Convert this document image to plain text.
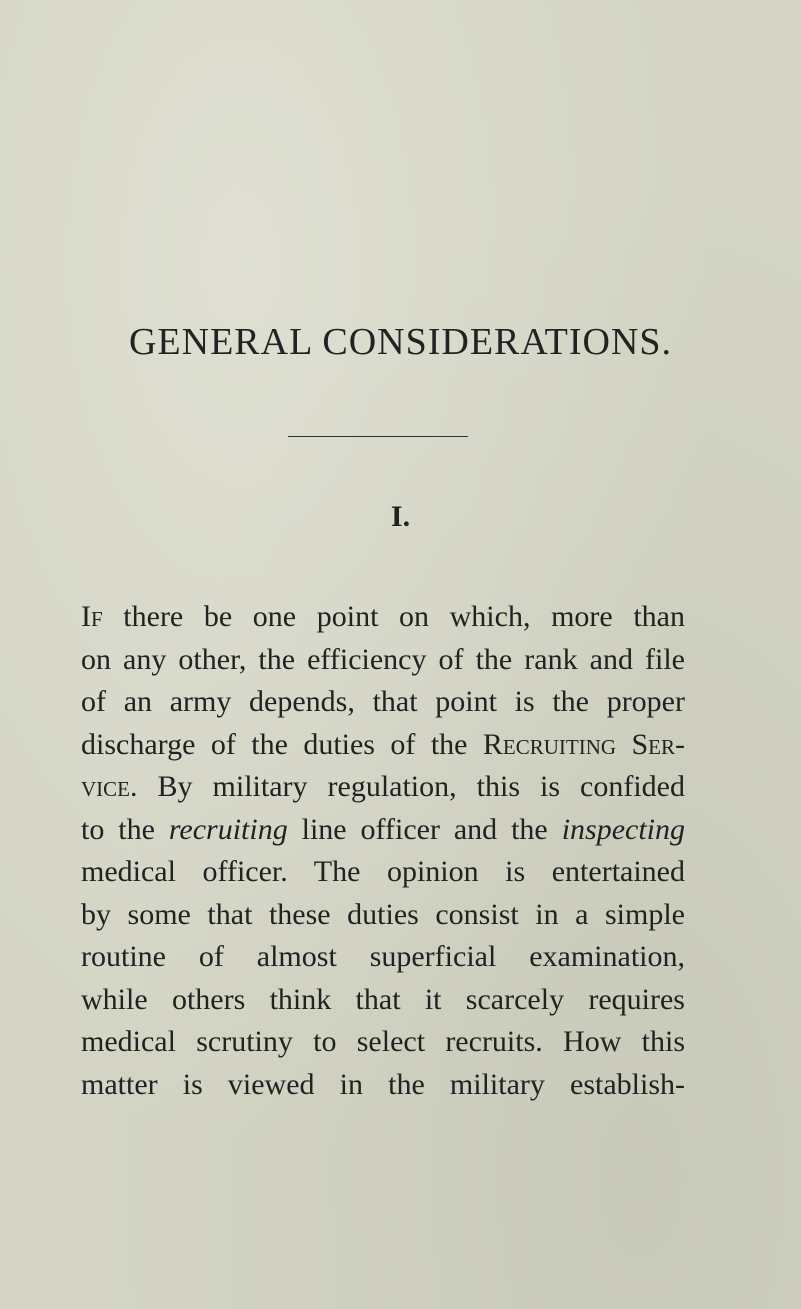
GENERAL CONSIDERATIONS.
I.

If there be one point on which, more than
on any other, the efficiency of the rank and file
of an army depends, that point is the proper
discharge of the duties of the Recruiting Ser-
vice. By military regulation, this is confided
to the recruiting line officer and the inspecting
medical officer. The opinion is entertained
by some that these duties consist in a simple
routine of almost superficial examination,
while others think that it scarcely requires
medical scrutiny to select recruits. How this
matter is viewed in the military establish-
